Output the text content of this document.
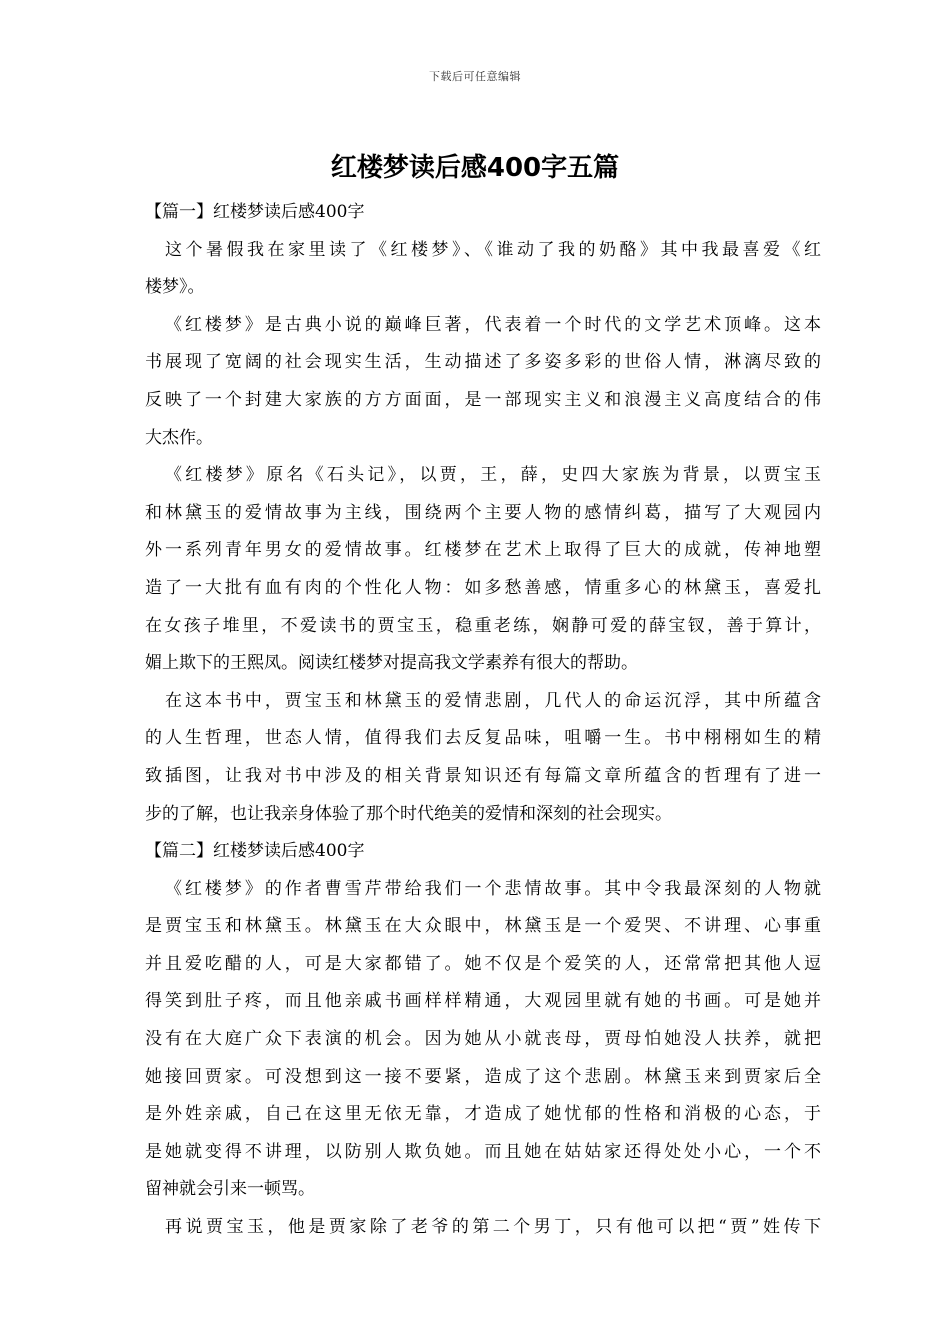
下载后可任意编辑
红楼梦读后感400字五篇
【篇一】红楼梦读后感400字
这个暑假我在家里读了《红楼梦》、《谁动了我的奶酪》其中我最喜爱《红
楼梦》。
《红楼梦》是古典小说的巅峰巨著，代表着一个时代的文学艺术顶峰。这本
书展现了宽阔的社会现实生活，生动描述了多姿多彩的世俗人情，淋漓尽致的
反映了一个封建大家族的方方面面，是一部现实主义和浪漫主义高度结合的伟
大杰作。
《红楼梦》原名《石头记》，以贾，王，薛，史四大家族为背景，以贾宝玉
和林黛玉的爱情故事为主线，围绕两个主要人物的感情纠葛，描写了大观园内
外一系列青年男女的爱情故事。红楼梦在艺术上取得了巨大的成就，传神地塑
造了一大批有血有肉的个性化人物：如多愁善感，情重多心的林黛玉，喜爱扎
在女孩子堆里，不爱读书的贾宝玉，稳重老练，娴静可爱的薛宝钗，善于算计，
媚上欺下的王熙凤。阅读红楼梦对提高我文学素养有很大的帮助。
在这本书中，贾宝玉和林黛玉的爱情悲剧，几代人的命运沉浮，其中所蕴含
的人生哲理，世态人情，值得我们去反复品味，咀嚼一生。书中栩栩如生的精
致插图，让我对书中涉及的相关背景知识还有每篇文章所蕴含的哲理有了进一
步的了解，也让我亲身体验了那个时代绝美的爱情和深刻的社会现实。
【篇二】红楼梦读后感400字
《红楼梦》的作者曹雪芹带给我们一个悲情故事。其中令我最深刻的人物就
是贾宝玉和林黛玉。林黛玉在大众眼中，林黛玉是一个爱哭、不讲理、心事重
并且爱吃醋的人，可是大家都错了。她不仅是个爱笑的人，还常常把其他人逗
得笑到肚子疼，而且他亲戚书画样样精通，大观园里就有她的书画。可是她并
没有在大庭广众下表演的机会。因为她从小就丧母，贾母怕她没人扶养，就把
她接回贾家。可没想到这一接不要紧，造成了这个悲剧。林黛玉来到贾家后全
是外姓亲戚，自己在这里无依无靠，才造成了她忧郁的性格和消极的心态，于
是她就变得不讲理，以防别人欺负她。而且她在姑姑家还得处处小心，一个不
留神就会引来一顿骂。
再说贾宝玉，他是贾家除了老爷的第二个男丁，只有他可以把“贾”姓传下
